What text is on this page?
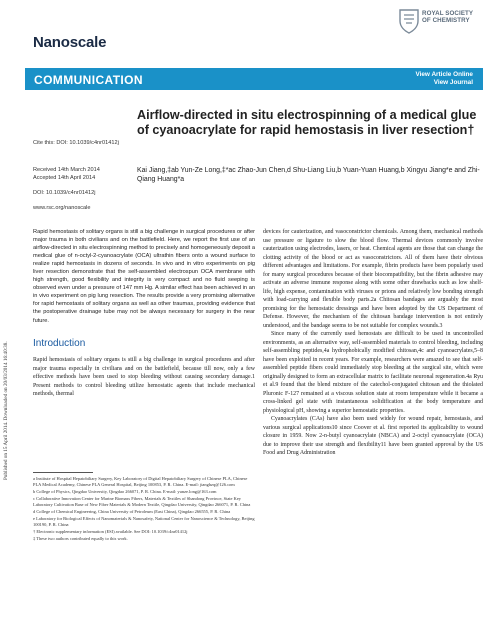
Published on 15 April 2014. Downloaded on 20/03/2014 16:40:38.
Nanoscale
ROYAL SOCIETY OF CHEMISTRY
COMMUNICATION	View Article Online
View Journal
Cite this: DOI: 10.1039/c4nr01412j
Received 14th March 2014
Accepted 14th April 2014
DOI: 10.1039/c4nr01412j
www.rsc.org/nanoscale
Airflow-directed in situ electrospinning of a medical glue of cyanoacrylate for rapid hemostasis in liver resection†
Kai Jiang,‡ab Yun-Ze Long,‡*ac Zhao-Jun Chen,d Shu-Liang Liu,b Yuan-Yuan Huang,b Xingyu Jiang*e and Zhi-Qiang Huang*a
Rapid hemostasis of solitary organs is still a big challenge in surgical procedures or after major trauma in both civilians and on the battlefield. Here, we report the first use of an airflow-directed in situ electrospinning method to precisely and homogeneously deposit a medical glue of n-octyl-2-cyanoacrylate (OCA) ultrathin fibers onto a wound surface to realize rapid hemostasis in dozens of seconds. In vivo and in vitro experiments on pig liver resection demonstrate that the self-assembled electrospun OCA membrane with high strength, good flexibility and integrity is very compact and no fluid seeping is observed even under a pressure of 147 mm Hg. A similar effect has been achieved in an in vivo experiment on pig lung resection. The results provide a very promising alternative for rapid hemostasis of solitary organs as well as other traumas, providing evidence that the postoperative drainage tube may not be always necessary for surgery in the near future.
Introduction
Rapid hemostasis of solitary organs is still a big challenge in surgical procedures and after major trauma especially in civilians and on the battlefield, because till now, only a few effective methods have been used to stop bleeding without causing secondary damage.1 Present methods to control bleeding utilize hemostatic agents that include mechanical methods, thermal

a Institute of Hospital Hepatobiliary Surgery, Key Laboratory of Digital Hepatobiliary Surgery of Chinese PLA, Chinese PLA Medical Academy, Chinese PLA General Hospital, Beijing 100853, P. R. China. E-mail: jianghzq@126.com

b College of Physics, Qingdao University, Qingdao 266071, P. R. China. E-mail: yunze.long@163.com

c Collaborative Innovation Center for Marine Biomass Fibers, Materials & Textiles of Shandong Province, State Key Laboratory Cultivation Base of New Fiber Materials & Modern Textile, Qingdao University, Qingdao 266071, P. R. China

d College of Chemical Engineering, China University of Petroleum (East China), Qingdao 266555, P. R. China

e Laboratory for Biological Effects of Nanomaterials & Nanosafety, National Center for Nanoscience & Technology, Beijing 100190, P. R. China

† Electronic supplementary information (ESI) available. See DOI: 10.1039/c4nr01412j

‡ These two authors contributed equally to this work.

devices for cauterization, and vasoconstrictor chemicals. Among them, mechanical methods use pressure or ligature to slow the blood flow. Thermal devices commonly involve cauterization using electrodes, lasers, or heat. Chemical agents are those that can change the clotting activity of the blood or act as vasoconstrictors. All of them have their obvious different advantages and limitations. For example, fibrin products have been popularly used for many surgical procedures because of their biocompatibility, but the fibrin adhesive may activate an adverse immune response along with some other drawbacks such as low shelf-life, high expense, contamination with viruses or prions and relatively low bonding strength with load-carrying and flexible body parts.2a Chitosan bandages are arguably the most promising for the hemostatic dressings and have been adopted by the US Department of Defense. However, the mechanism of the chitosan bandage intervention is not entirely understood, and the bandage seems to be not suitable for complex wounds.3

Since many of the currently used hemostats are difficult to be used in uncontrolled environments, as an alternative way, self-assembled materials to control bleeding, including self-assembling peptides,4a hydrophobically modified chitosan,4c and cyanoacrylates,5–8 have been exploited in recent years. For example, researchers were amazed to see that self-assembled peptide fibers could immediately stop bleeding at the surgical site, which were originally designed to form an extracellular matrix to facilitate neuronal regeneration.4a Ryu et al.9 found that the blend mixture of the catechol-conjugated chitosan and the thiolated Pluronic F-127 remained at a viscous solution state at room temperature while it became a cross-linked gel state with instantaneous solidification at the body temperature and physiological pH, showing a superior hemostatic properties.

Cyanoacrylates (CAs) have also been used widely for wound repair, hemostasis, and various surgical applications10 since Coover et al. first reported its applicability to wound closure in 1959. Now 2-n-butyl cyanoacrylate (NBCA) and 2-octyl cyanoacrylate (OCA) due to improve their use strength and flexibility11 have been granted approval by the US Food and Drug Administration
